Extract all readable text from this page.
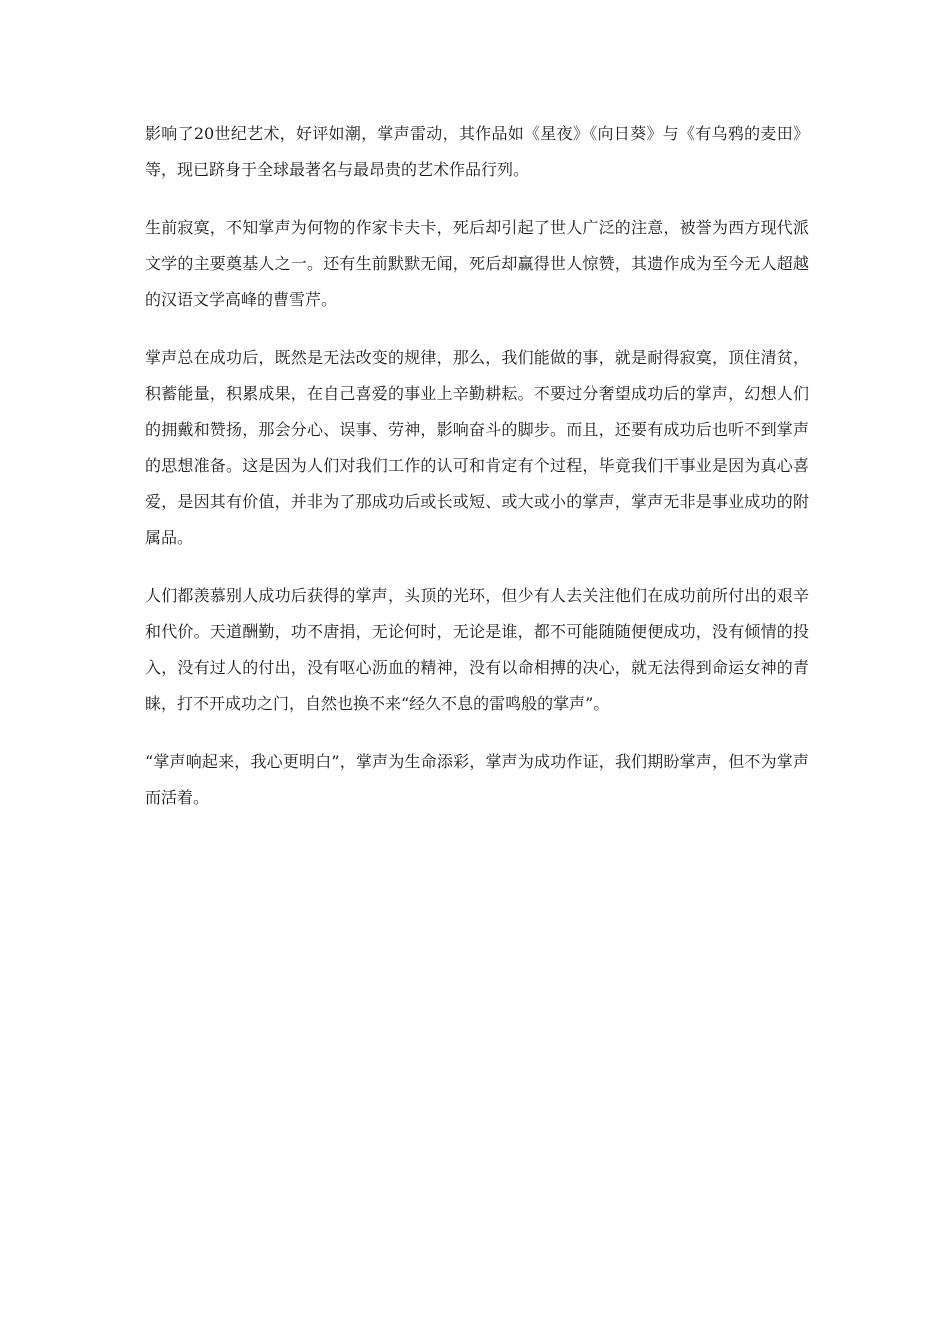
影响了20世纪艺术，好评如潮，掌声雷动，其作品如《星夜》《向日葵》与《有乌鸦的麦田》等，现已跻身于全球最著名与最昂贵的艺术作品行列。

生前寂寞，不知掌声为何物的作家卡夫卡，死后却引起了世人广泛的注意，被誉为西方现代派文学的主要奠基人之一。还有生前默默无闻，死后却赢得世人惊赞，其遗作成为至今无人超越的汉语文学高峰的曹雪芹。

掌声总在成功后，既然是无法改变的规律，那么，我们能做的事，就是耐得寂寞，顶住清贫，积蓄能量，积累成果，在自己喜爱的事业上辛勤耕耘。不要过分奢望成功后的掌声，幻想人们的拥戴和赞扬，那会分心、误事、劳神，影响奋斗的脚步。而且，还要有成功后也听不到掌声的思想准备。这是因为人们对我们工作的认可和肯定有个过程，毕竟我们干事业是因为真心喜爱，是因其有价值，并非为了那成功后或长或短、或大或小的掌声，掌声无非是事业成功的附属品。

人们都羡慕别人成功后获得的掌声，头顶的光环，但少有人去关注他们在成功前所付出的艰辛和代价。天道酬勤，功不唐捐，无论何时，无论是谁，都不可能随随便便成功，没有倾情的投入，没有过人的付出，没有呕心沥血的精神，没有以命相搏的决心，就无法得到命运女神的青睐，打不开成功之门，自然也换不来“经久不息的雷鸣般的掌声”。

“掌声响起来，我心更明白”，掌声为生命添彩，掌声为成功作证，我们期盼掌声，但不为掌声而活着。
